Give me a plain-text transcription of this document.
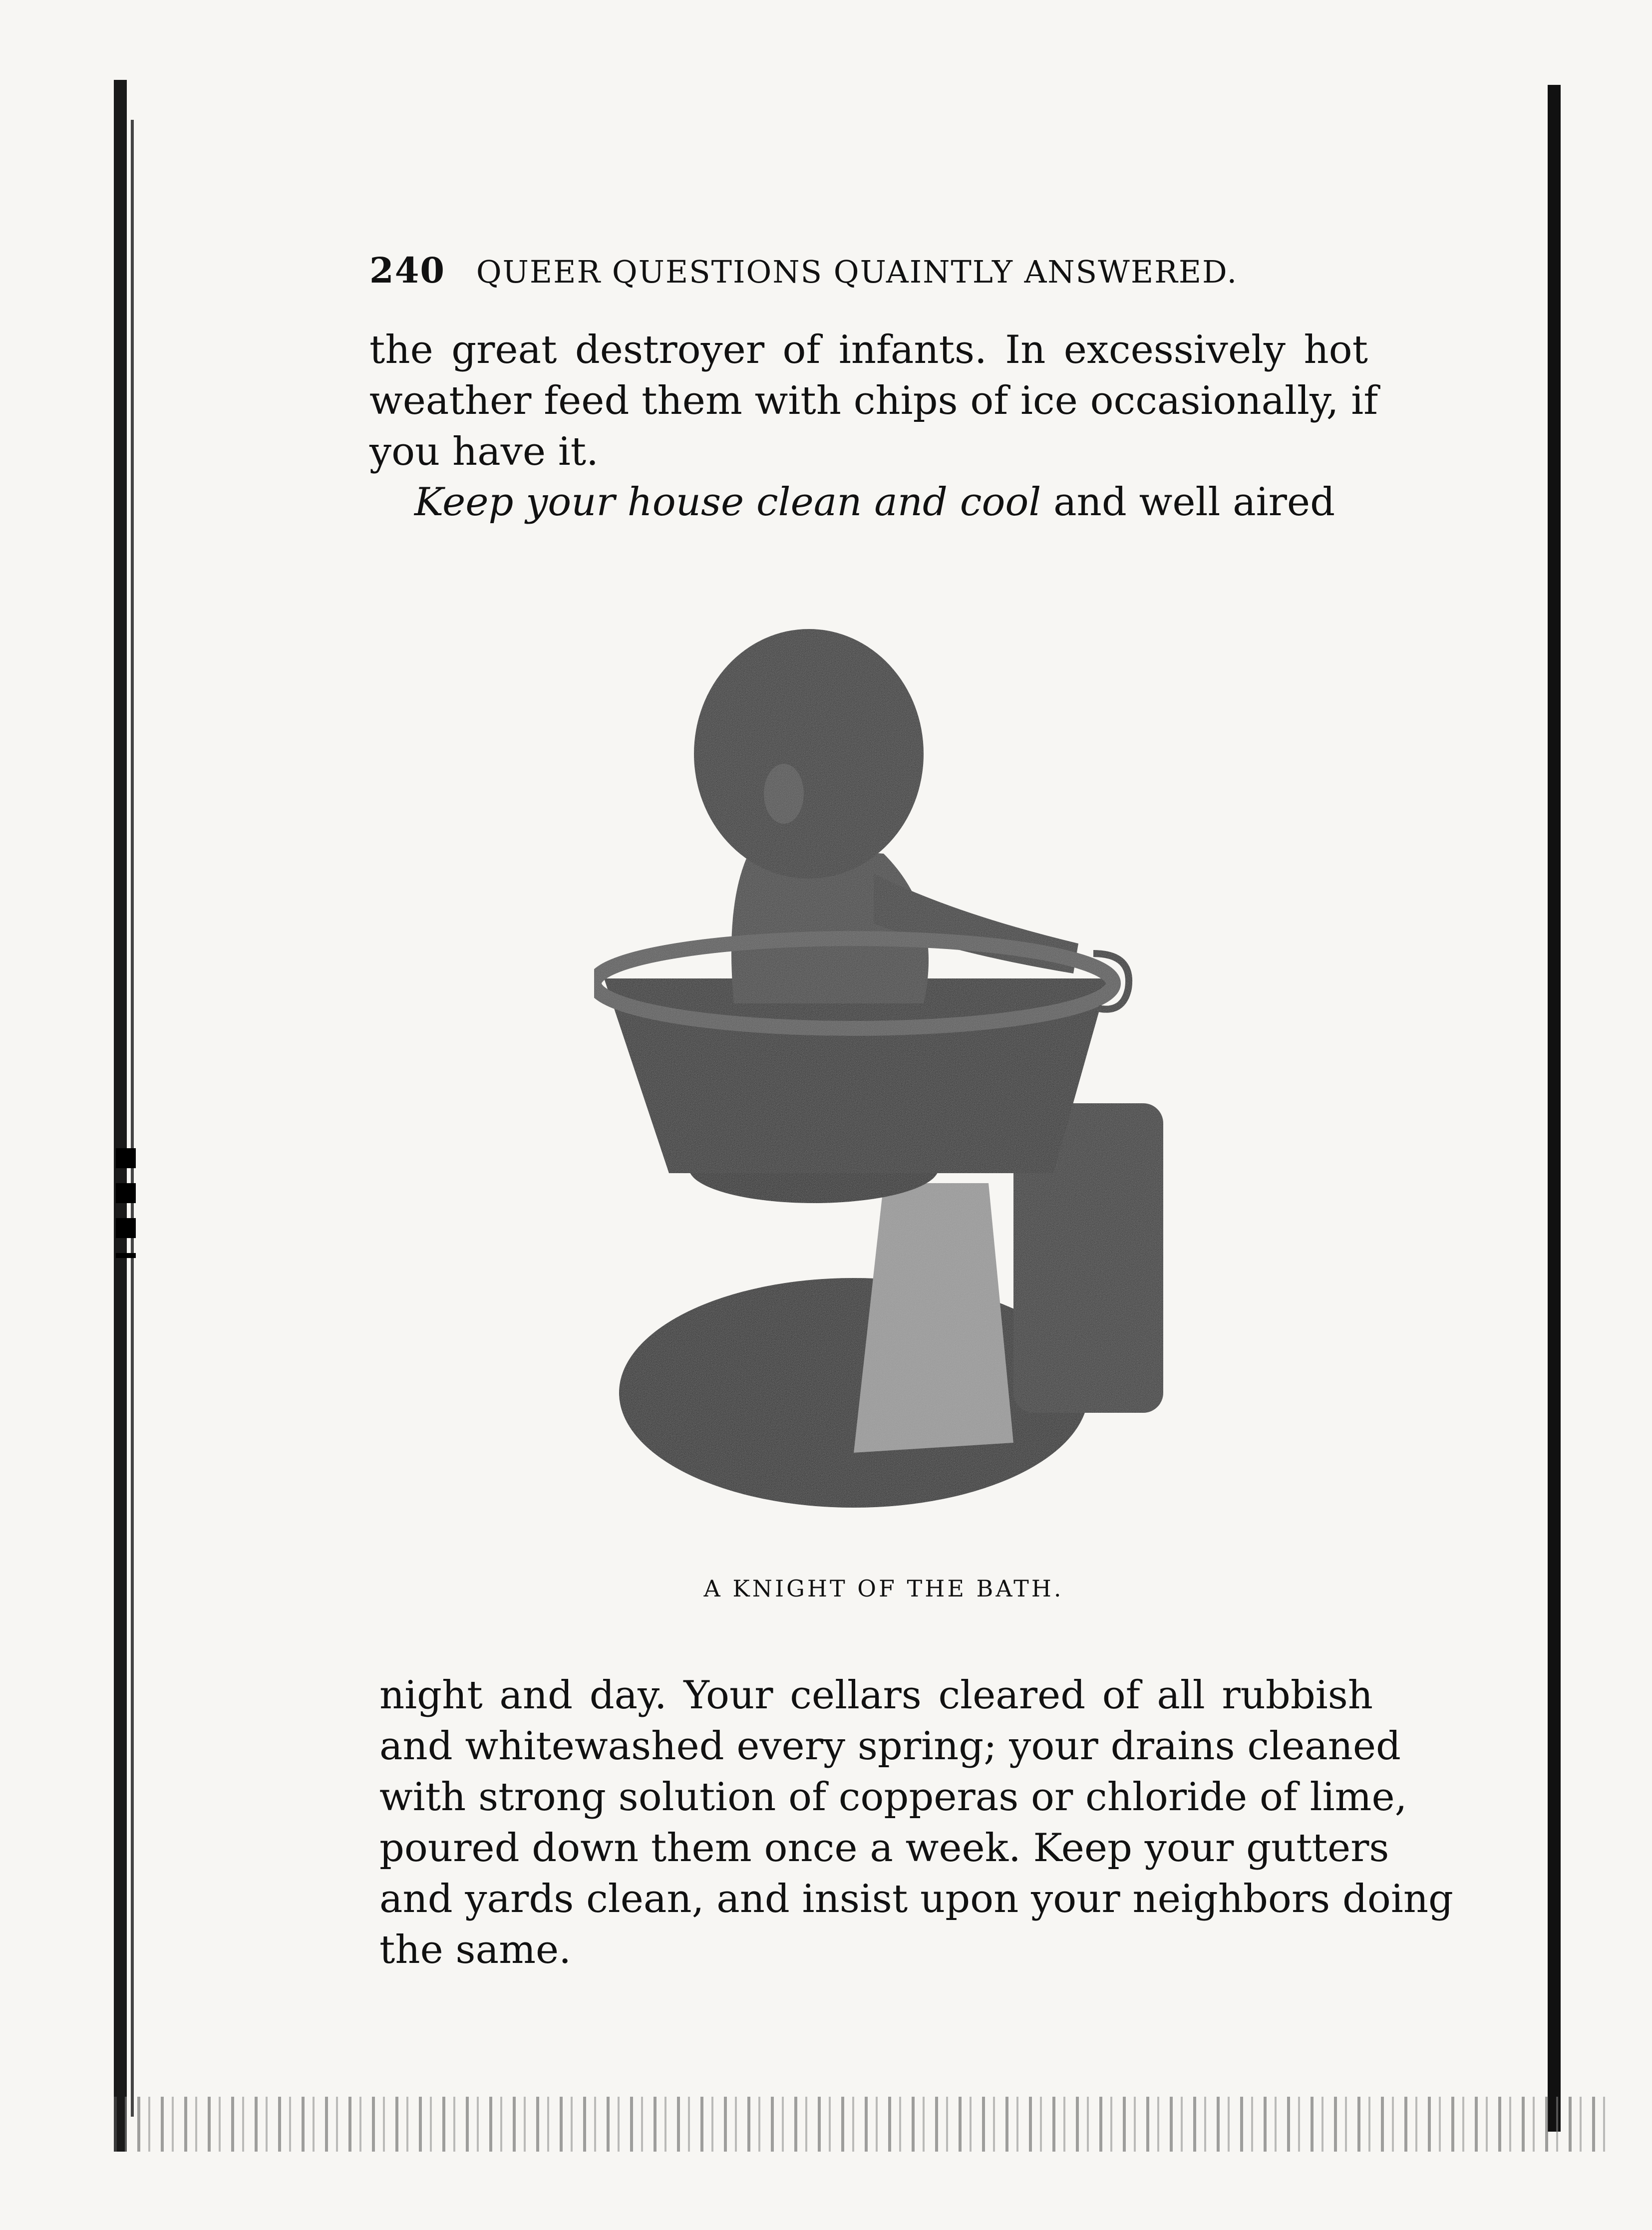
240 QUEER QUESTIONS QUAINTLY ANSWERED.

the great destroyer of infants. In excessively hot
weather feed them with chips of ice occasionally, if
you have it.

Keep your house clean and cool and well aired

A KNIGHT OF THE BATH.

night and day. Your cellars cleared of all rubbish
and whitewashed every spring; your drains cleaned
with strong solution of copperas or chloride of lime,
poured down them once a week. Keep your gutters
and yards clean, and insist upon your neighbors doing
the same.
